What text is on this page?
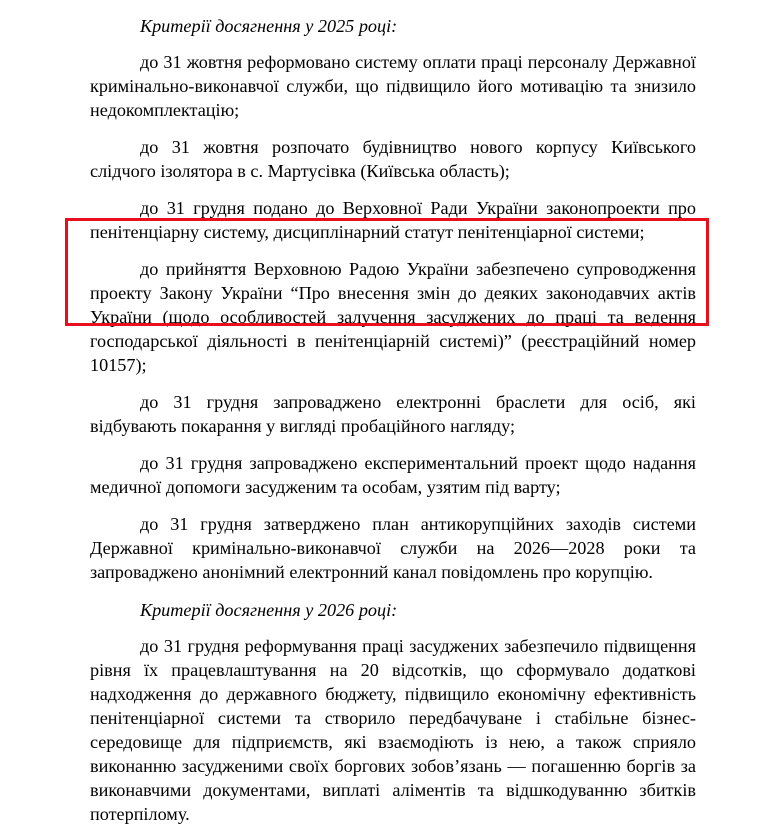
Критерії досягнення у 2025 році:

до 31 жовтня реформовано систему оплати праці персоналу Державної кримінально-виконавчої служби, що підвищило його мотивацію та знизило недокомплектацію;

до 31 жовтня розпочато будівництво нового корпусу Київського слідчого ізолятора в с. Мартусівка (Київська область);

до 31 грудня подано до Верховної Ради України законопроекти про пенітенціарну систему, дисциплінарний статут пенітенціарної системи;

до прийняття Верховною Радою України забезпечено супроводження проекту Закону України “Про внесення змін до деяких законодавчих актів України (щодо особливостей залучення засуджених до праці та ведення господарської діяльності в пенітенціарній системі)” (реєстраційний номер 10157);

до 31 грудня запроваджено електронні браслети для осіб, які відбувають покарання у вигляді пробаційного нагляду;

до 31 грудня запроваджено експериментальний проект щодо надання медичної допомоги засудженим та особам, узятим під варту;

до 31 грудня затверджено план антикорупційних заходів системи Державної кримінально-виконавчої служби на 2026—2028 роки та запроваджено анонімний електронний канал повідомлень про корупцію.

Критерії досягнення у 2026 році:

до 31 грудня реформування праці засуджених забезпечило підвищення рівня їх працевлаштування на 20 відсотків, що сформувало додаткові надходження до державного бюджету, підвищило економічну ефективність пенітенціарної системи та створило передбачуване і стабільне бізнес-середовище для підприємств, які взаємодіють із нею, а також сприяло виконанню засудженими своїх боргових зобов’язань — погашенню боргів за виконавчими документами, виплаті аліментів та відшкодуванню збитків потерпілому.
